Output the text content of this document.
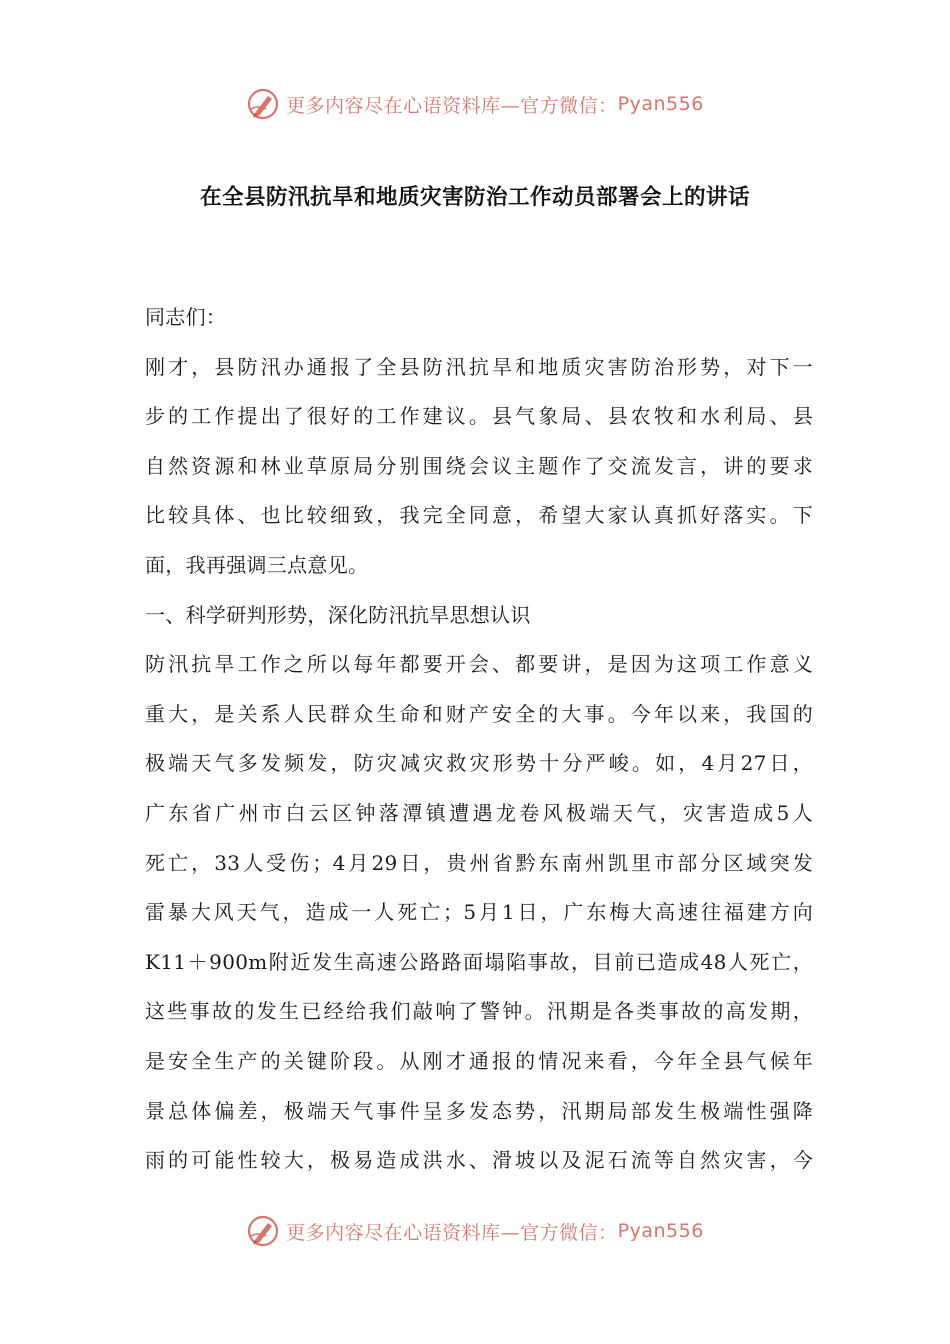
更多内容尽在心语资料库—官方微信： Pyan556
在全县防汛抗旱和地质灾害防治工作动员部署会上的讲话
同志们：
刚才，县防汛办通报了全县防汛抗旱和地质灾害防治形势，对下一
步的工作提出了很好的工作建议。县气象局、县农牧和水利局、县
自然资源和林业草原局分别围绕会议主题作了交流发言，讲的要求
比较具体、也比较细致，我完全同意，希望大家认真抓好落实。下
面，我再强调三点意见。
一、科学研判形势，深化防汛抗旱思想认识
防汛抗旱工作之所以每年都要开会、都要讲，是因为这项工作意义
重大，是关系人民群众生命和财产安全的大事。今年以来，我国的
极端天气多发频发，防灾减灾救灾形势十分严峻。如，4月27日，
广东省广州市白云区钟落潭镇遭遇龙卷风极端天气，灾害造成5人
死亡，33人受伤；4月29日，贵州省黔东南州凯里市部分区域突发
雷暴大风天气，造成一人死亡；5月1日，广东梅大高速往福建方向
K11＋900m附近发生高速公路路面塌陷事故，目前已造成48人死亡，
这些事故的发生已经给我们敲响了警钟。汛期是各类事故的高发期，
是安全生产的关键阶段。从刚才通报的情况来看，今年全县气候年
景总体偏差，极端天气事件呈多发态势，汛期局部发生极端性强降
雨的可能性较大，极易造成洪水、滑坡以及泥石流等自然灾害，今
更多内容尽在心语资料库—官方微信： Pyan556
